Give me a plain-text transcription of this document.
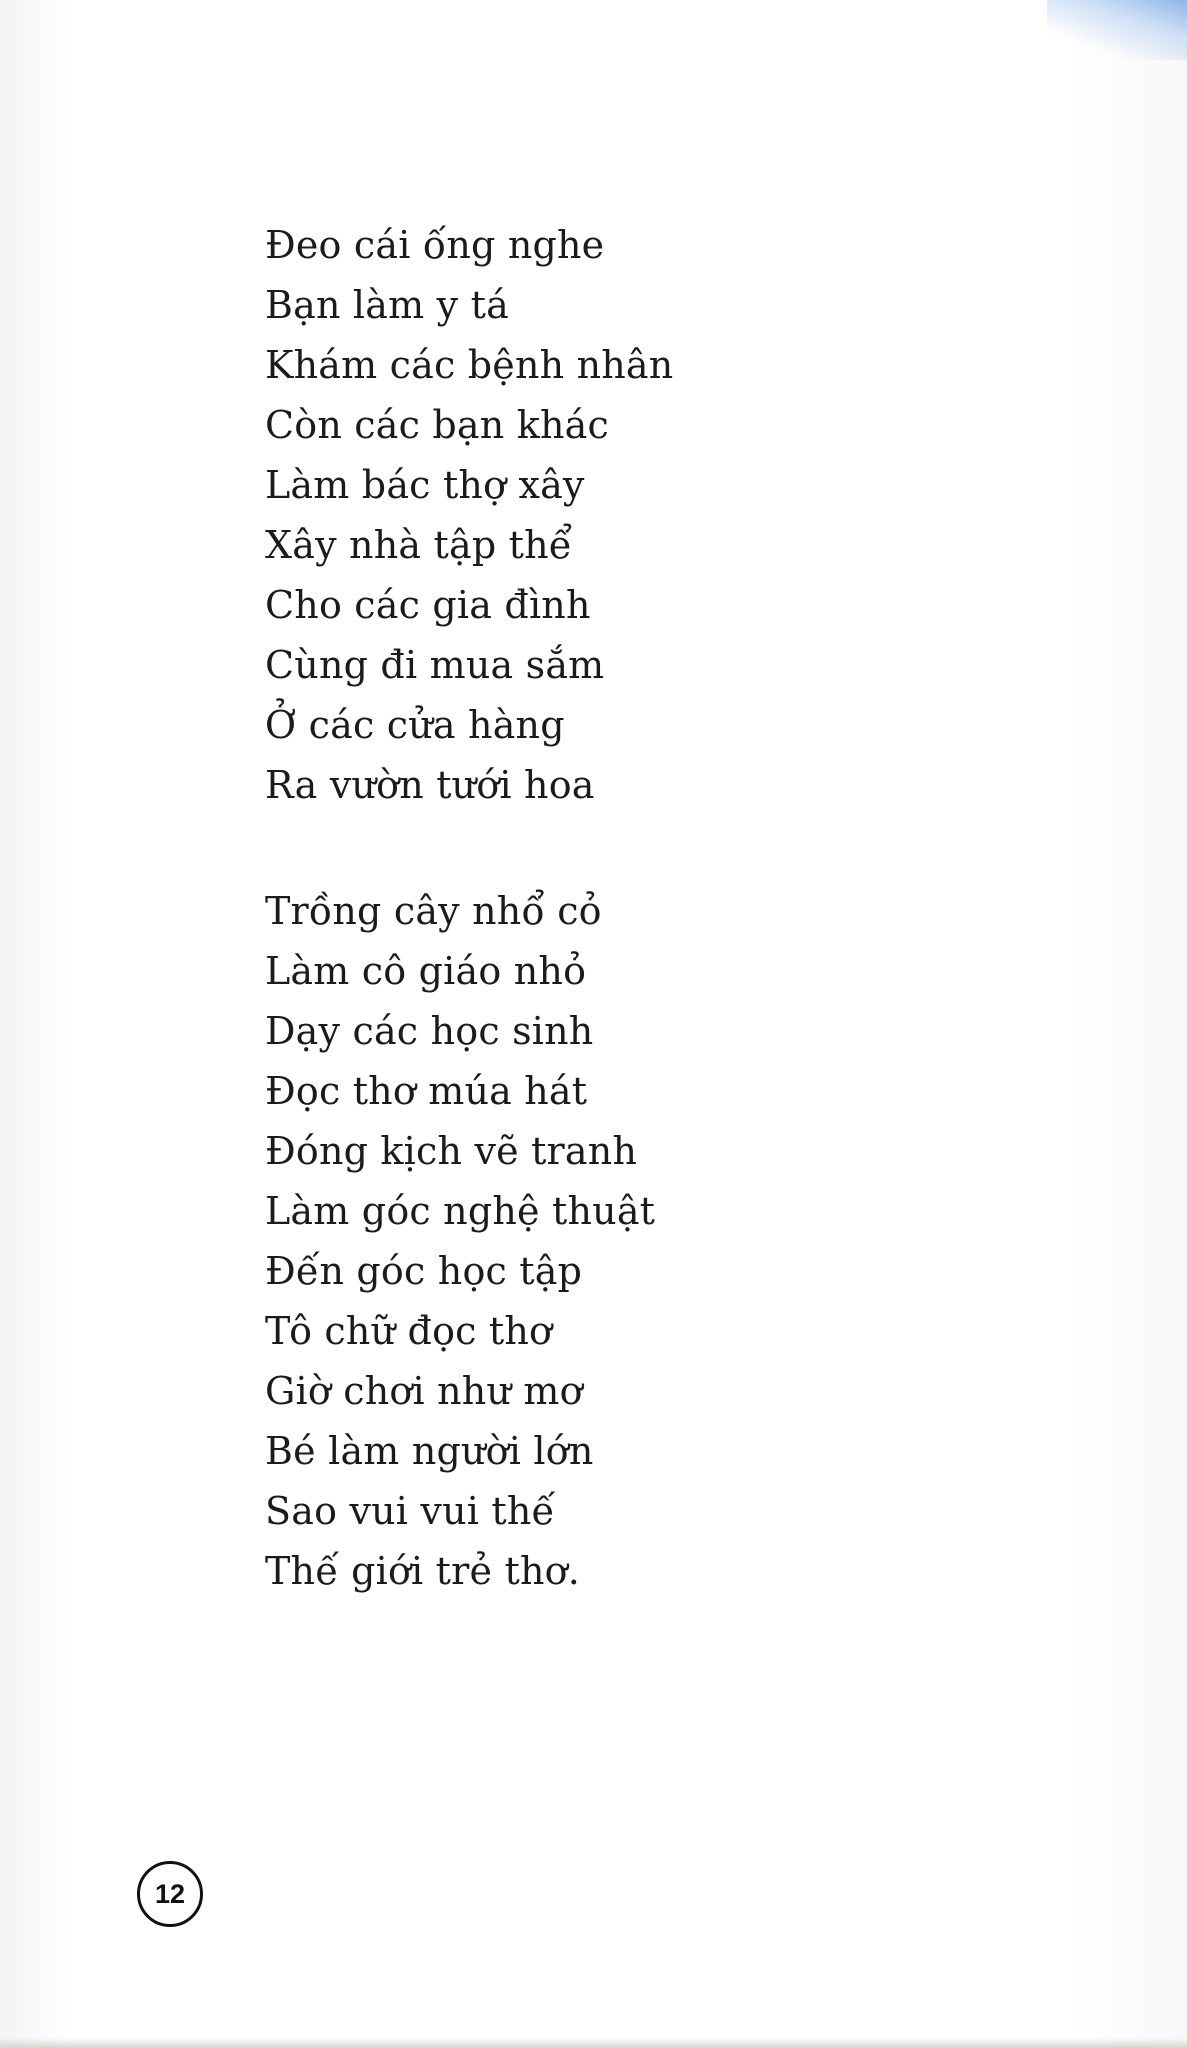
Đeo cái ống nghe
Bạn làm y tá
Khám các bệnh nhân
Còn các bạn khác
Làm bác thợ xây
Xây nhà tập thể
Cho các gia đình
Cùng đi mua sắm
Ở các cửa hàng
Ra vườn tưới hoa
Trồng cây nhổ cỏ
Làm cô giáo nhỏ
Dạy các học sinh
Đọc thơ múa hát
Đóng kịch vẽ tranh
Làm góc nghệ thuật
Đến góc học tập
Tô chữ đọc thơ
Giờ chơi như mơ
Bé làm người lớn
Sao vui vui thế
Thế giới trẻ thơ.
12
